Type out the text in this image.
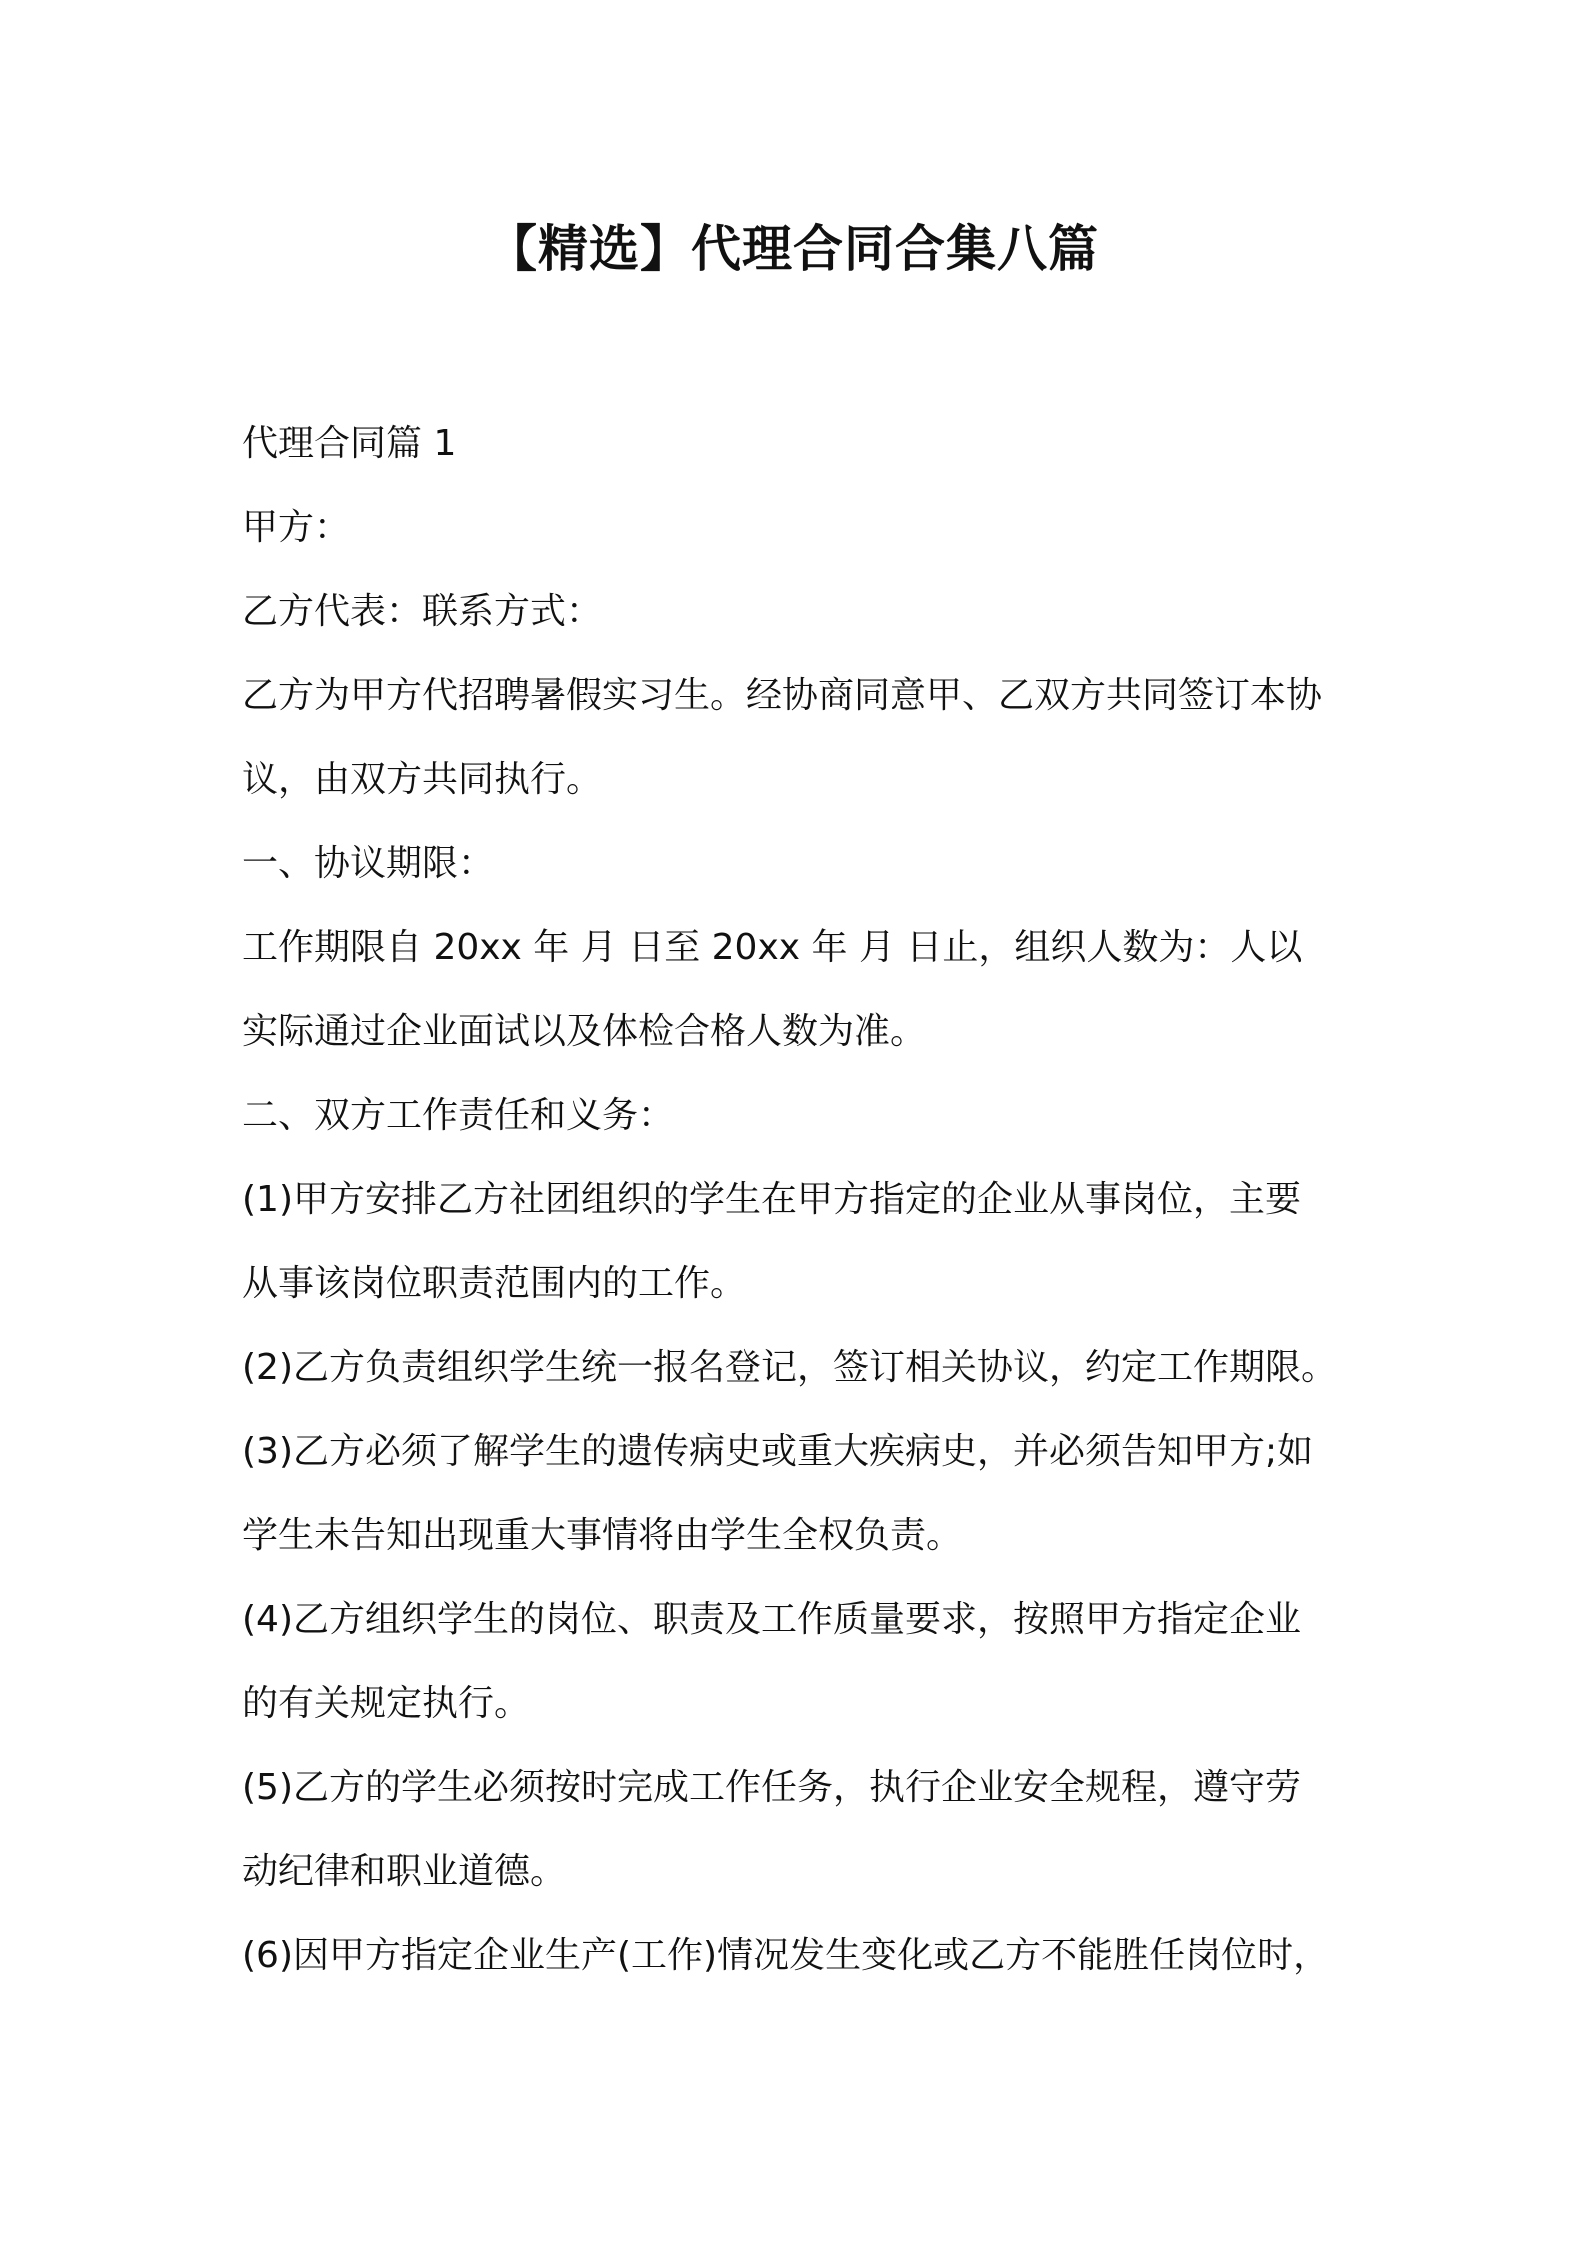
【精选】代理合同合集八篇

代理合同篇 1

甲方：

乙方代表：联系方式：

乙方为甲方代招聘暑假实习生。经协商同意甲、乙双方共同签订本协

议，由双方共同执行。

一、协议期限：

工作期限自 20xx 年 月 日至 20xx 年 月 日止，组织人数为：人以

实际通过企业面试以及体检合格人数为准。

二、双方工作责任和义务：

(1)甲方安排乙方社团组织的学生在甲方指定的企业从事岗位，主要

从事该岗位职责范围内的工作。

(2)乙方负责组织学生统一报名登记，签订相关协议，约定工作期限。

(3)乙方必须了解学生的遗传病史或重大疾病史，并必须告知甲方;如

学生未告知出现重大事情将由学生全权负责。

(4)乙方组织学生的岗位、职责及工作质量要求，按照甲方指定企业

的有关规定执行。

(5)乙方的学生必须按时完成工作任务，执行企业安全规程，遵守劳

动纪律和职业道德。

(6)因甲方指定企业生产(工作)情况发生变化或乙方不能胜任岗位时，
